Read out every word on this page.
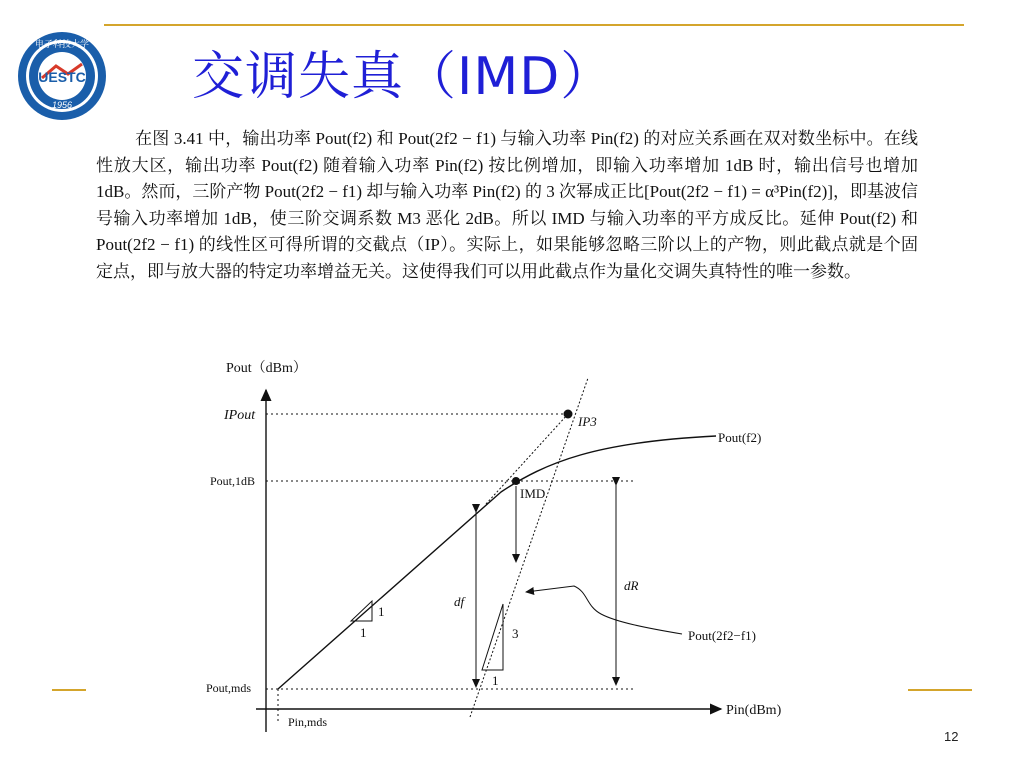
UESTC
1956
电子科技大学
交调失真（IMD）

在图 3.41 中，输出功率 Pout(f2) 和 Pout(2f2 − f1) 与输入功率 Pin(f2) 的对应关系画在双对数坐标中。在线性放大区，输出功率 Pout(f2) 随着输入功率 Pin(f2) 按比例增加，即输入功率增加 1dB 时，输出信号也增加 1dB。然而，三阶产物 Pout(2f2 − f1) 却与输入功率 Pin(f2) 的 3 次幂成正比[Pout(2f2 − f1) = α³Pin(f2)]，即基波信号输入功率增加 1dB，使三阶交调系数 M3 恶化 2dB。所以 IMD 与输入功率的平方成反比。延伸 Pout(f2) 和 Pout(2f2 − f1) 的线性区可得所谓的交截点（IP）。实际上，如果能够忽略三阶以上的产物，则此截点就是个固定点，即与放大器的特定功率增益无关。这使得我们可以用此截点作为量化交调失真特性的唯一参数。

1
1	3
1
Pout（dBm）
Pin(dBm)
IPout
Pout,1dB
Pout,mds
Pin,mds
IP3
IMD
Pout(f2)
Pout(2f2−f1)
df
dR
12
